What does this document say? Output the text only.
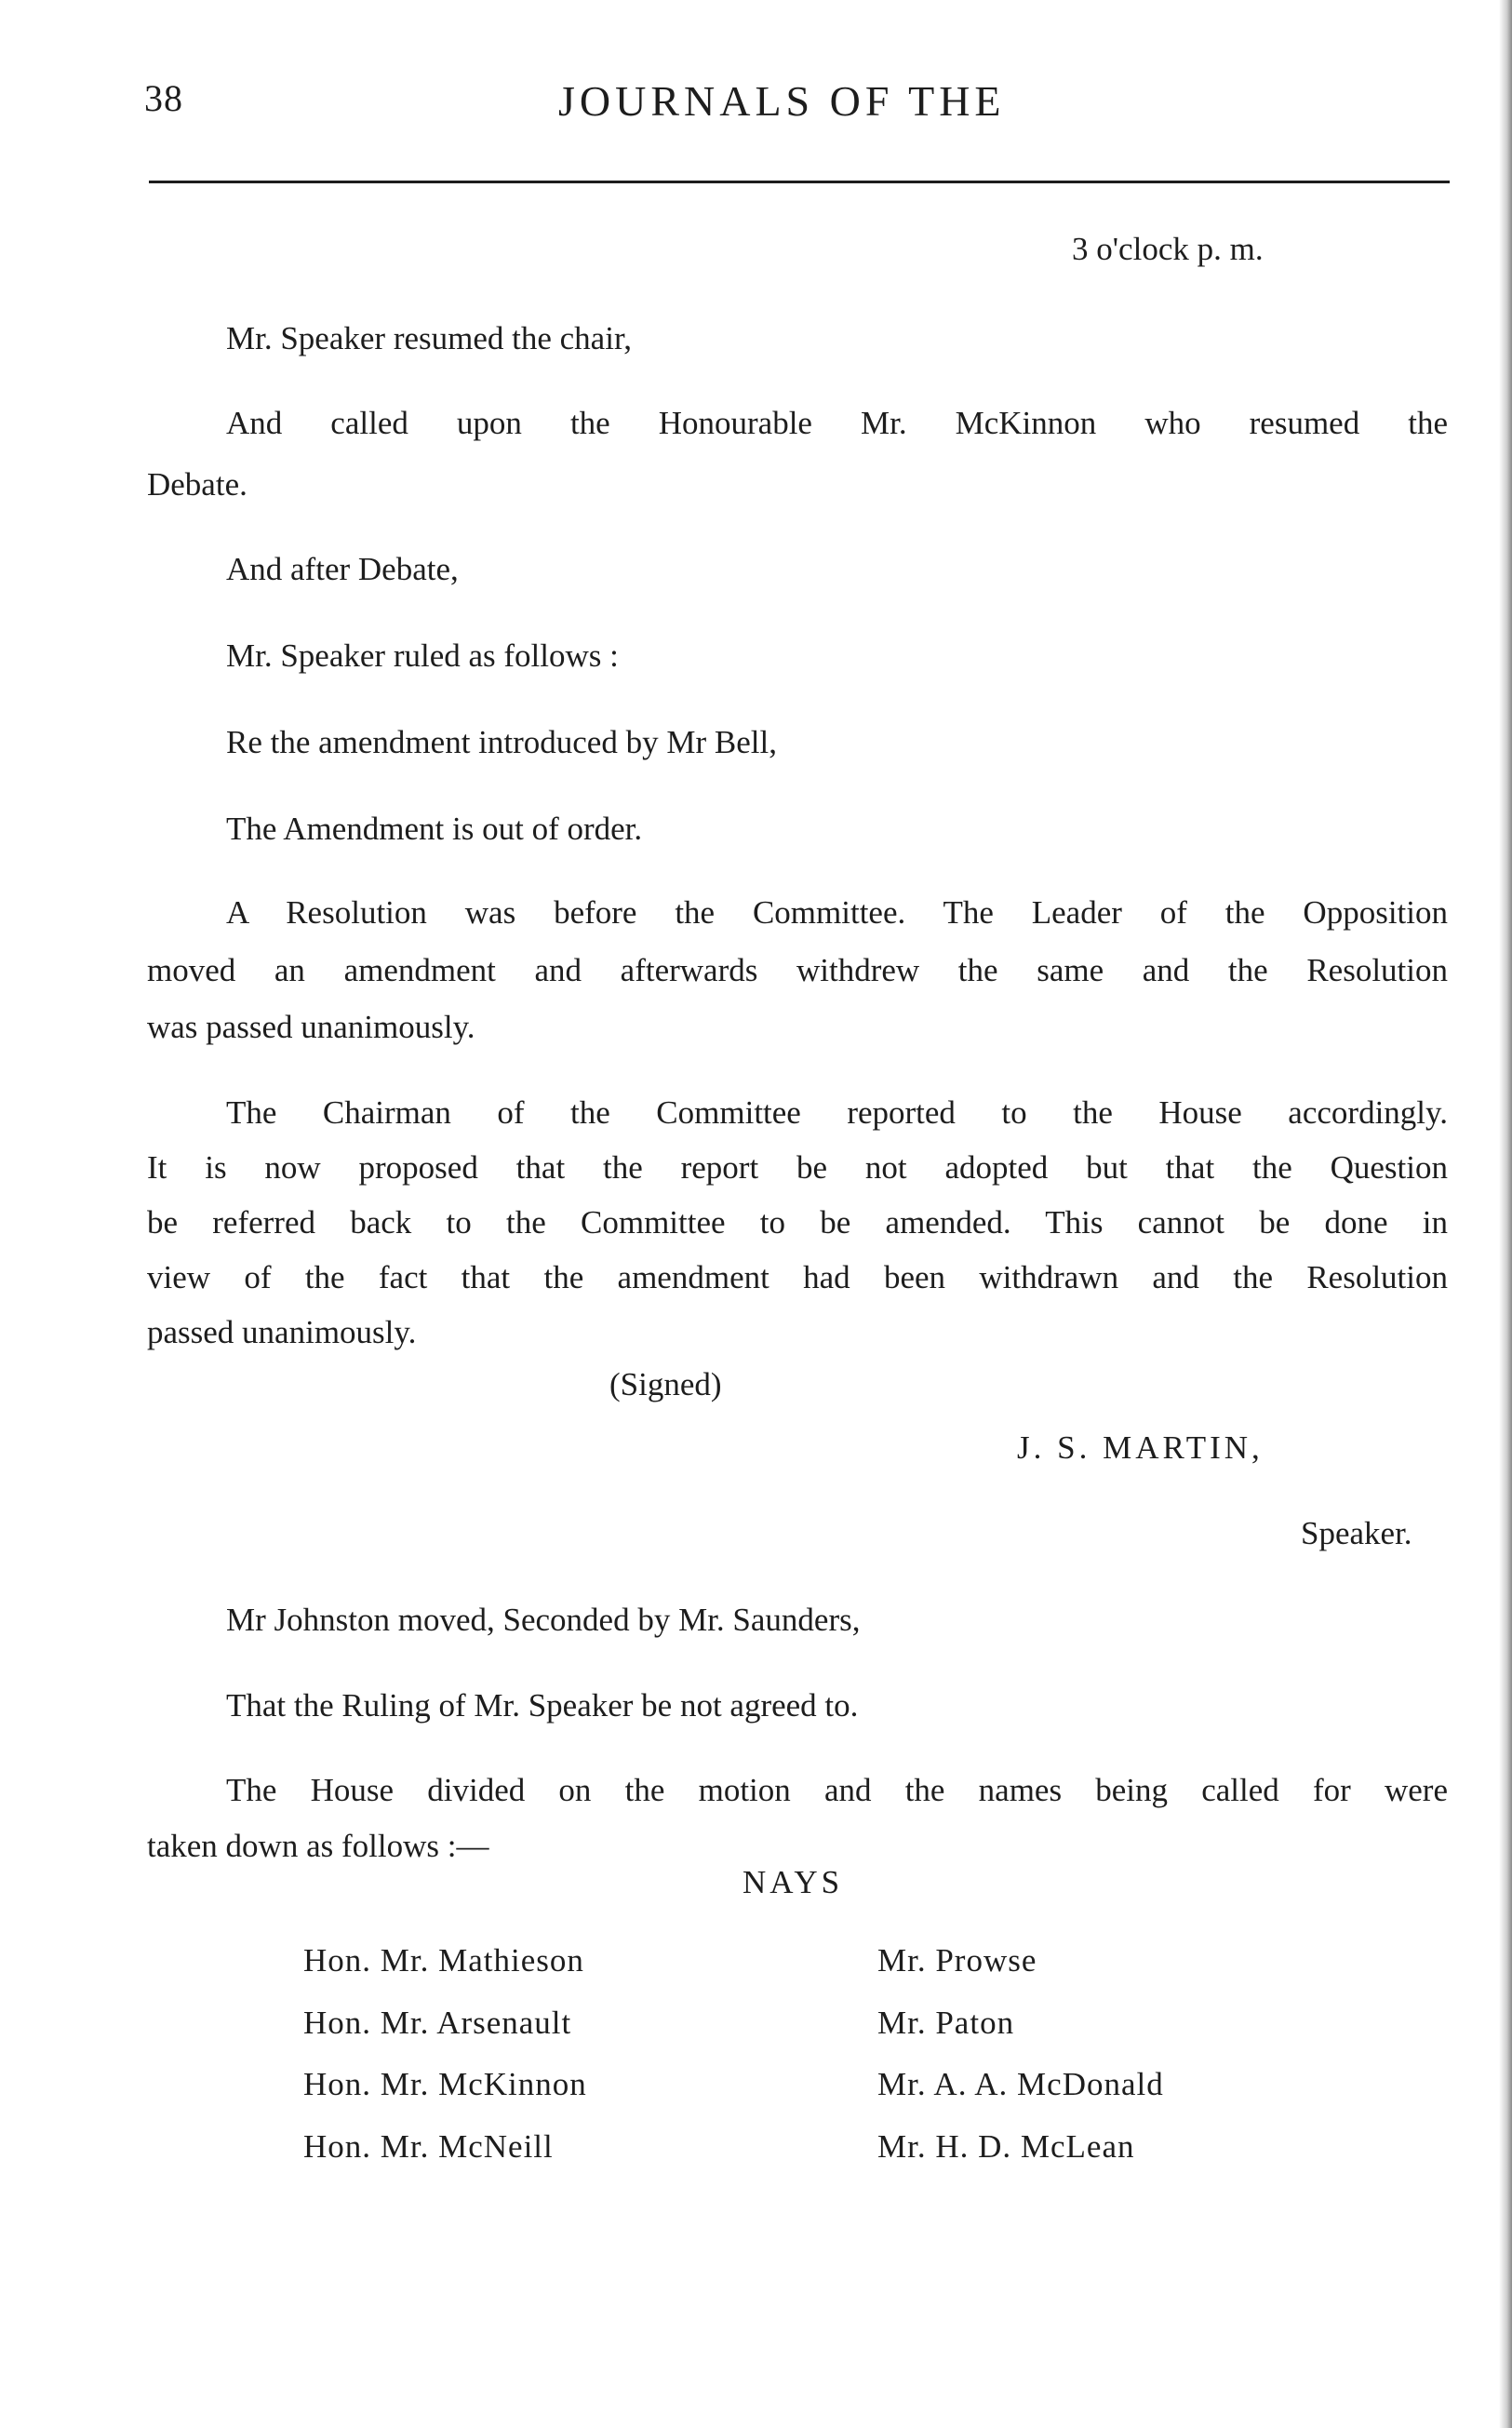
38	JOURNALS OF THE
3 o'clock p. m.
Mr. Speaker resumed the chair,
And called upon the Honourable Mr. McKinnon who resumed the
Debate.
And after Debate,
Mr. Speaker ruled as follows :
Re the amendment introduced by Mr Bell,
The Amendment is out of order.
A Resolution was before the Committee. The Leader of the Opposition
moved an amendment and afterwards withdrew the same and the Resolution
was passed unanimously.
The Chairman of the Committee reported to the House accordingly.
It is now proposed that the report be not adopted but that the Question
be referred back to the Committee to be amended. This cannot be done in
view of the fact that the amendment had been withdrawn and the Resolution
passed unanimously.
(Signed)
J. S. MARTIN,
Speaker.
Mr Johnston moved, Seconded by Mr. Saunders,
That the Ruling of Mr. Speaker be not agreed to.
The House divided on the motion and the names being called for were
taken down as follows :—
NAYS
Hon. Mr. Mathieson
Hon. Mr. Arsenault
Hon. Mr. McKinnon
Hon. Mr. McNeill
Mr. Prowse
Mr. Paton
Mr. A. A. McDonald
Mr. H. D. McLean
